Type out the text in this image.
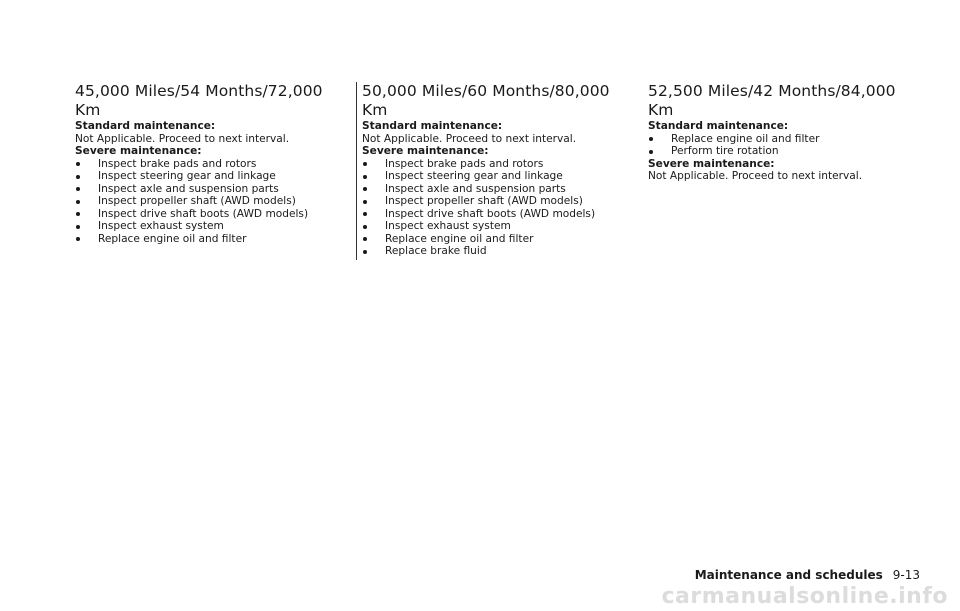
45,000 Miles/54 Months/72,000 Km

Standard maintenance:

Not Applicable. Proceed to next interval.

Severe maintenance:

Inspect brake pads and rotors
Inspect steering gear and linkage
Inspect axle and suspension parts
Inspect propeller shaft (AWD models)
Inspect drive shaft boots (AWD models)
Inspect exhaust system
Replace engine oil and filter
50,000 Miles/60 Months/80,000 Km

Standard maintenance:

Not Applicable. Proceed to next interval.

Severe maintenance:

Inspect brake pads and rotors
Inspect steering gear and linkage
Inspect axle and suspension parts
Inspect propeller shaft (AWD models)
Inspect drive shaft boots (AWD models)
Inspect exhaust system
Replace engine oil and filter
Replace brake fluid
52,500 Miles/42 Months/84,000 Km

Standard maintenance:

Replace engine oil and filter
Perform tire rotation

Severe maintenance:

Not Applicable. Proceed to next interval.

Maintenance and schedules 9-13
carmanualsonline.info
